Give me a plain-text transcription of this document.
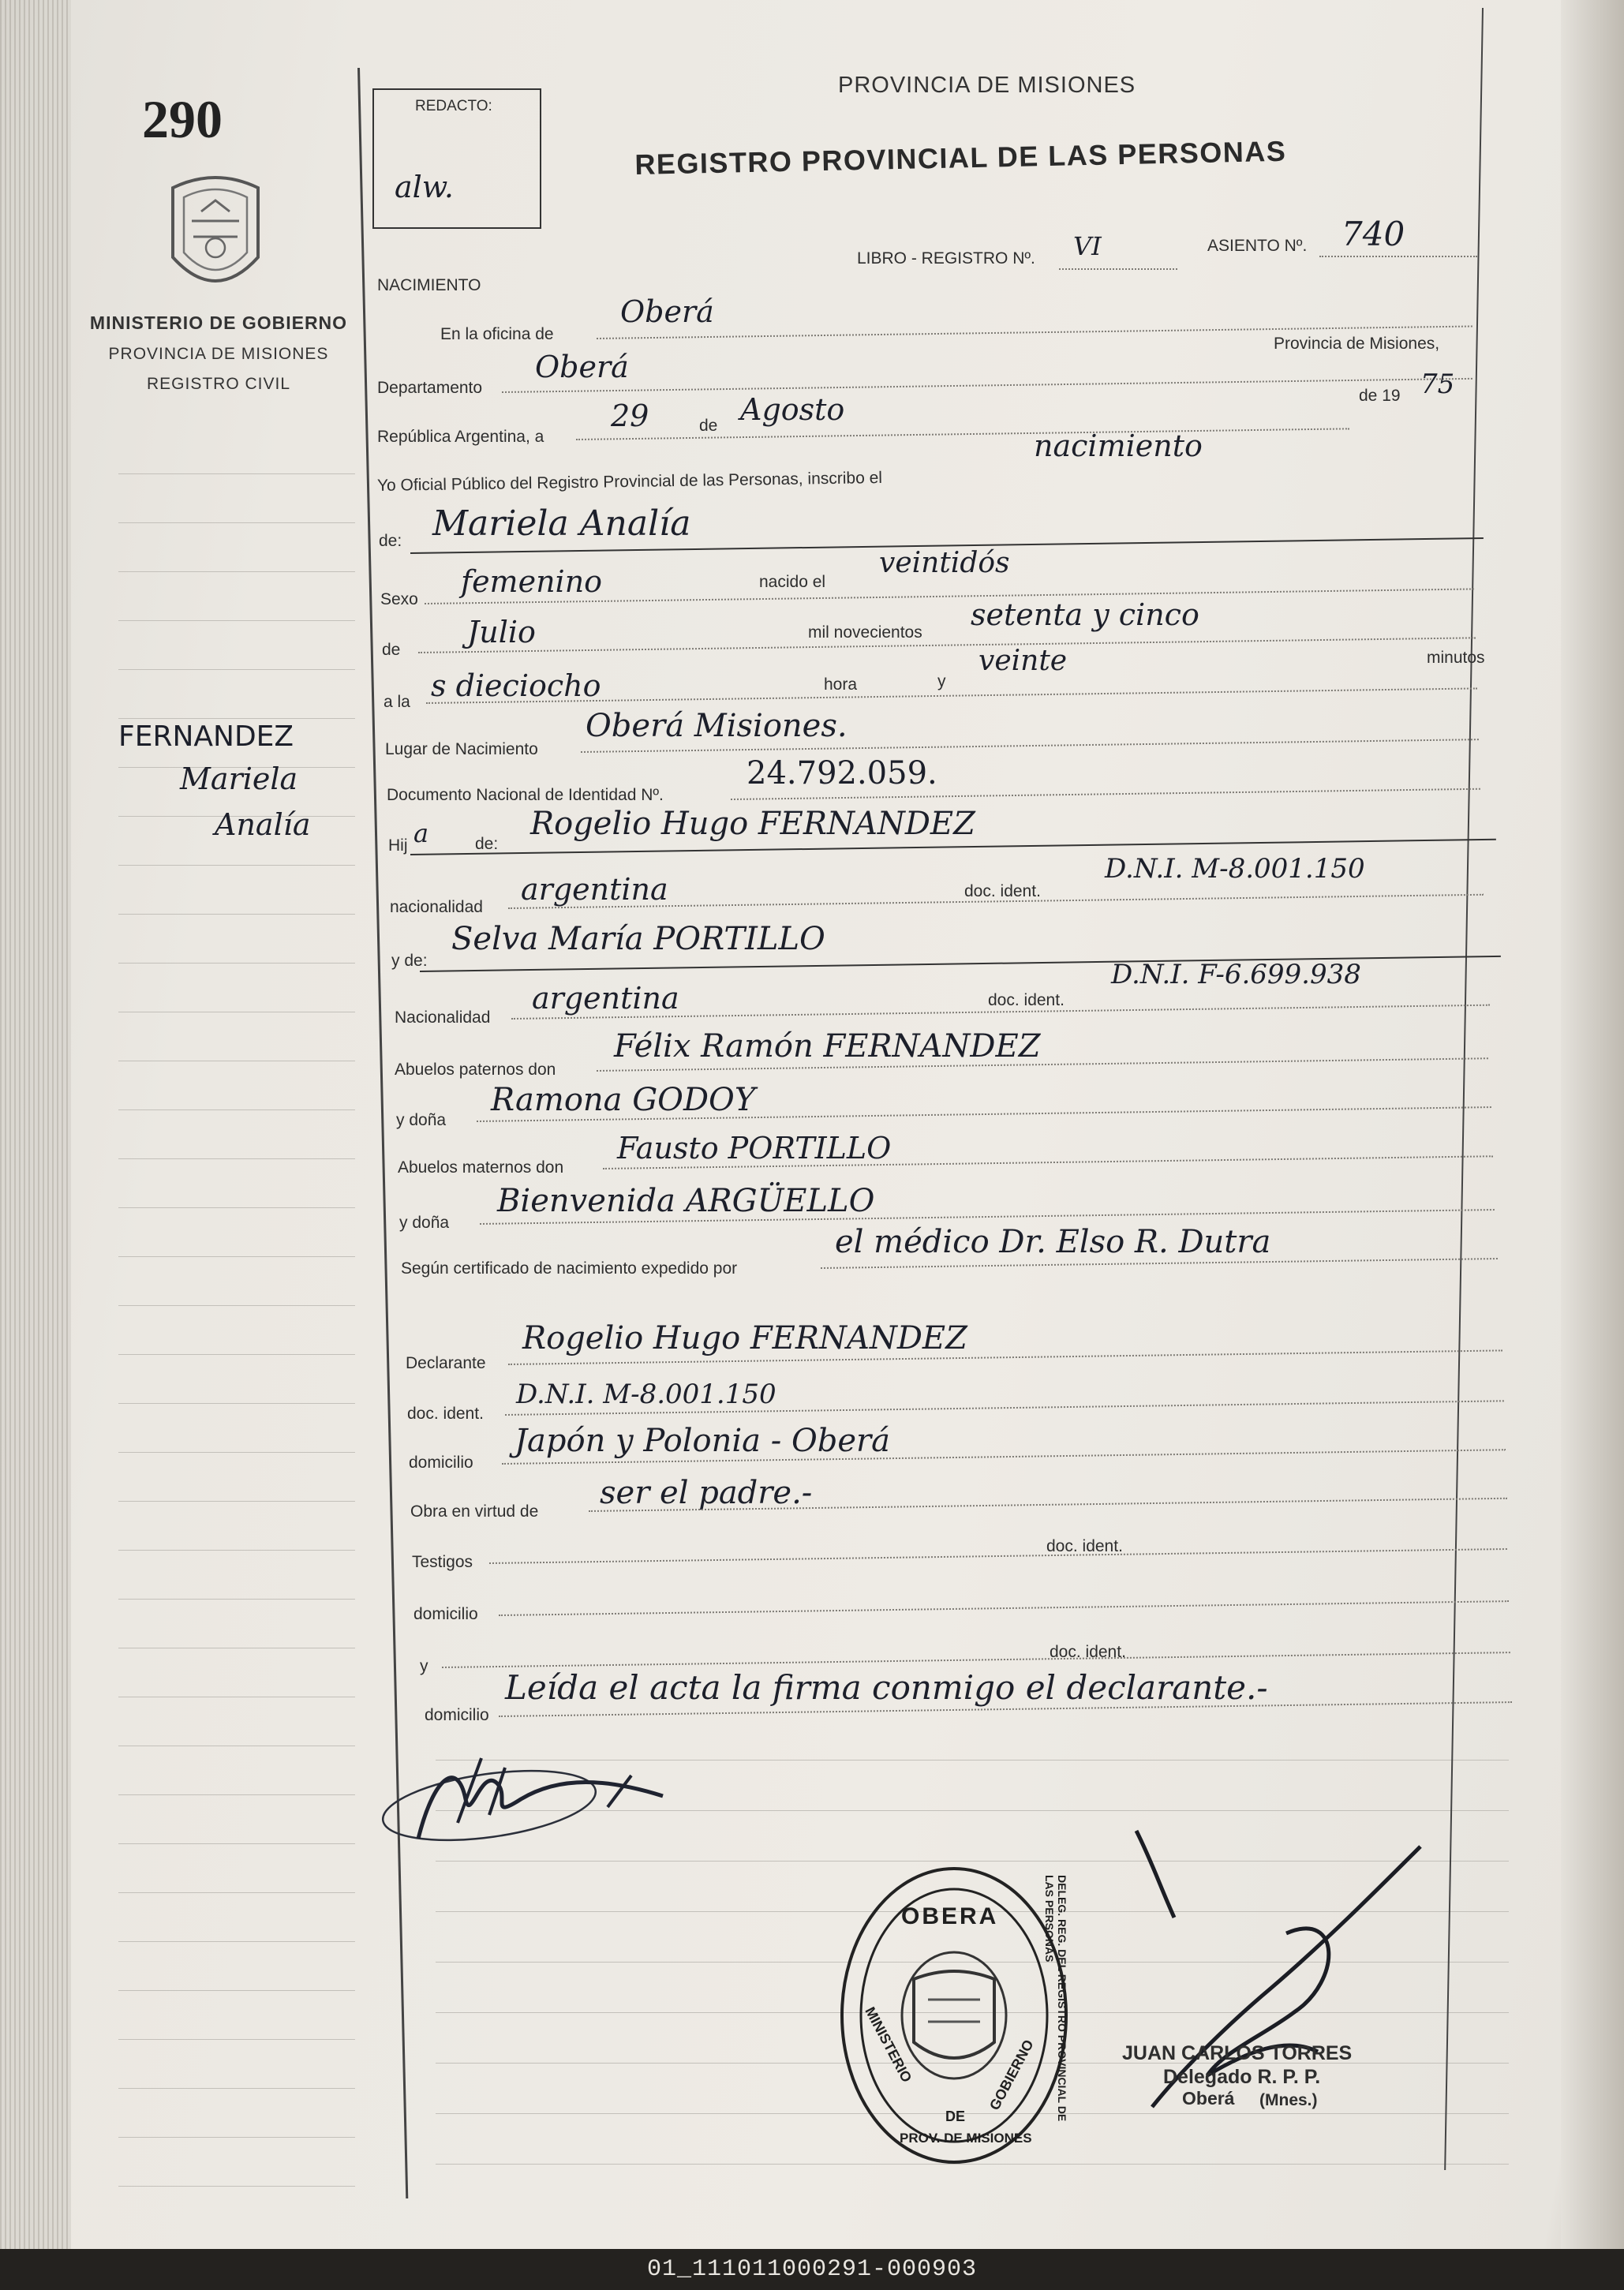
290
MINISTERIO DE GOBIERNO
PROVINCIA DE MISIONES
REGISTRO CIVIL
FERNANDEZ
Mariela
Analía
REDACTO:
alw.
PROVINCIA DE MISIONES
REGISTRO PROVINCIAL DE LAS PERSONAS
LIBRO - REGISTRO Nº. VI	ASIENTO Nº. 740
NACIMIENTO
En la oficina de
Oberá
Provincia de Misiones,
Departamento
Oberá
República Argentina, a
29	de Agosto	de 19 75
Yo Oficial Público del Registro Provincial de las Personas, inscribo el
nacimiento
de: Mariela Analía
Sexo
femenino	nacido el
veintidós
de
Julio	mil novecientos
setenta y cinco
a la s dieciocho	hora	y
veinte	minutos
Lugar de Nacimiento
Oberá Misiones.
Documento Nacional de Identidad Nº.
24.792.059.
Hij a	de:
Rogelio Hugo FERNANDEZ
nacionalidad
argentina	doc. ident.
D.N.I. M-8.001.150
y de:
Selva María PORTILLO
Nacionalidad
argentina	doc. ident.
D.N.I. F-6.699.938
Abuelos paternos don
Félix Ramón FERNANDEZ
y doña
Ramona GODOY
Abuelos maternos don
Fausto PORTILLO
y doña
Bienvenida ARGÜELLO
Según certificado de nacimiento expedido por
el médico Dr. Elso R. Dutra
Declarante
Rogelio Hugo FERNANDEZ
doc. ident.
D.N.I. M-8.001.150
domicilio
Japón y Polonia - Oberá
Obra en virtud de
ser el padre.-
Testigos
doc. ident.
domicilio
y
doc. ident.
domicilio
Leída el acta la firma conmigo el declarante.-
OBERA	DELEG. REG. DEL REGISTRO PROVINCIAL DE LAS PERSONAS
MINISTERIO
DE
GOBIERNO
PROV. DE MISIONES
JUAN CARLOS TORRES
Delegado R. P. P.
Oberá (Mnes.)
01_111011000291-000903
